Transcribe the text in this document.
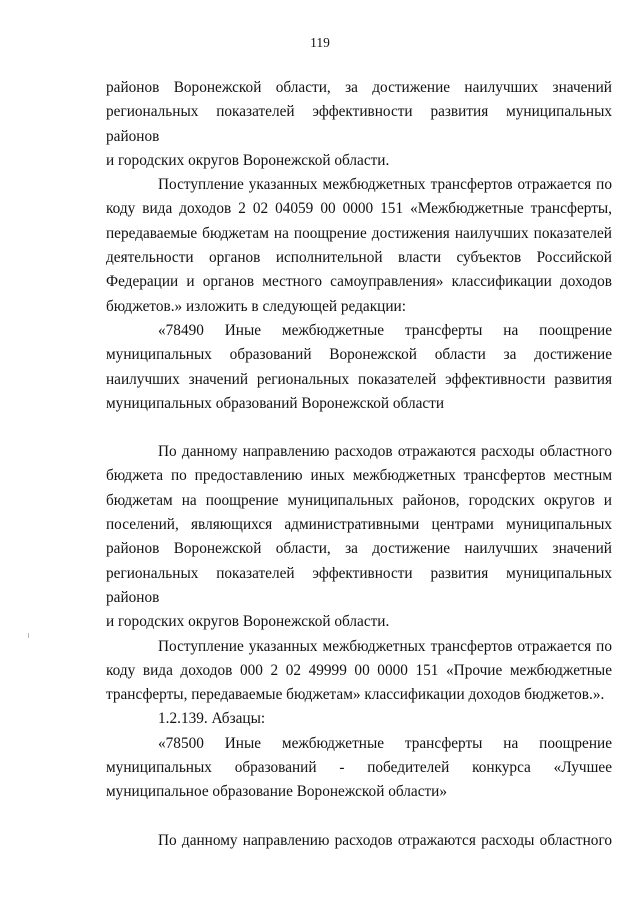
119
районов Воронежской области, за достижение наилучших значений
региональных показателей эффективности развития муниципальных районов
и городских округов Воронежской области.
Поступление указанных межбюджетных трансфертов отражается по
коду вида доходов 2 02 04059 00 0000 151 «Межбюджетные трансферты,
передаваемые бюджетам на поощрение достижения наилучших показателей
деятельности органов исполнительной власти субъектов Российской
Федерации и органов местного самоуправления» классификации доходов
бюджетов.» изложить в следующей редакции:
«78490 Иные межбюджетные трансферты на поощрение
муниципальных образований Воронежской области за достижение
наилучших значений региональных показателей эффективности развития
муниципальных образований Воронежской области
По данному направлению расходов отражаются расходы областного
бюджета по предоставлению иных межбюджетных трансфертов местным
бюджетам на поощрение муниципальных районов, городских округов и
поселений, являющихся административными центрами муниципальных
районов Воронежской области, за достижение наилучших значений
региональных показателей эффективности развития муниципальных районов
и городских округов Воронежской области.
Поступление указанных межбюджетных трансфертов отражается по
коду вида доходов 000 2 02 49999 00 0000 151 «Прочие межбюджетные
трансферты, передаваемые бюджетам» классификации доходов бюджетов.».
1.2.139. Абзацы:
«78500 Иные межбюджетные трансферты на поощрение
муниципальных образований - победителей конкурса «Лучшее
муниципальное образование Воронежской области»
По данному направлению расходов отражаются расходы областного
